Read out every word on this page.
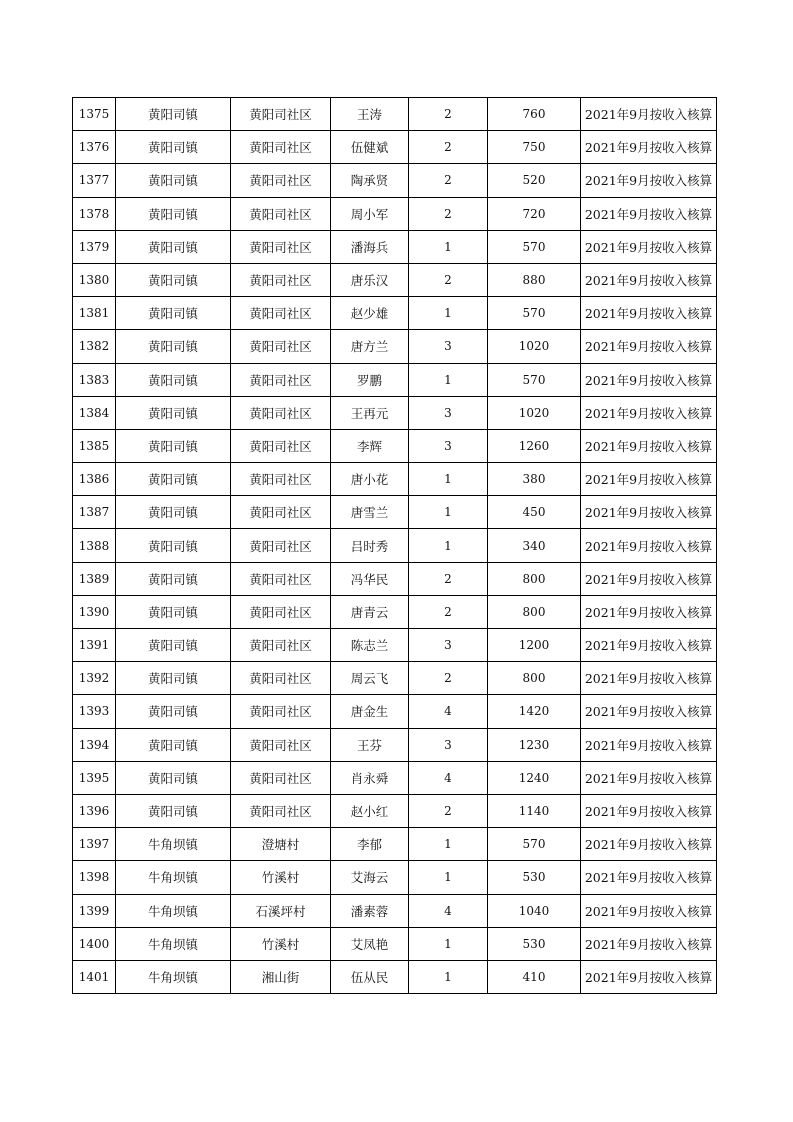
1375	黄阳司镇	黄阳司社区	王涛	2	760	2021年9月按收入核算
1376	黄阳司镇	黄阳司社区	伍健斌	2	750	2021年9月按收入核算
1377	黄阳司镇	黄阳司社区	陶承贤	2	520	2021年9月按收入核算
1378	黄阳司镇	黄阳司社区	周小军	2	720	2021年9月按收入核算
1379	黄阳司镇	黄阳司社区	潘海兵	1	570	2021年9月按收入核算
1380	黄阳司镇	黄阳司社区	唐乐汉	2	880	2021年9月按收入核算
1381	黄阳司镇	黄阳司社区	赵少雄	1	570	2021年9月按收入核算
1382	黄阳司镇	黄阳司社区	唐方兰	3	1020	2021年9月按收入核算
1383	黄阳司镇	黄阳司社区	罗鹏	1	570	2021年9月按收入核算
1384	黄阳司镇	黄阳司社区	王再元	3	1020	2021年9月按收入核算
1385	黄阳司镇	黄阳司社区	李辉	3	1260	2021年9月按收入核算
1386	黄阳司镇	黄阳司社区	唐小花	1	380	2021年9月按收入核算
1387	黄阳司镇	黄阳司社区	唐雪兰	1	450	2021年9月按收入核算
1388	黄阳司镇	黄阳司社区	吕时秀	1	340	2021年9月按收入核算
1389	黄阳司镇	黄阳司社区	冯华民	2	800	2021年9月按收入核算
1390	黄阳司镇	黄阳司社区	唐青云	2	800	2021年9月按收入核算
1391	黄阳司镇	黄阳司社区	陈志兰	3	1200	2021年9月按收入核算
1392	黄阳司镇	黄阳司社区	周云飞	2	800	2021年9月按收入核算
1393	黄阳司镇	黄阳司社区	唐金生	4	1420	2021年9月按收入核算
1394	黄阳司镇	黄阳司社区	王芬	3	1230	2021年9月按收入核算
1395	黄阳司镇	黄阳司社区	肖永舜	4	1240	2021年9月按收入核算
1396	黄阳司镇	黄阳司社区	赵小红	2	1140	2021年9月按收入核算
1397	牛角坝镇	澄塘村	李郁	1	570	2021年9月按收入核算
1398	牛角坝镇	竹溪村	艾海云	1	530	2021年9月按收入核算
1399	牛角坝镇	石溪坪村	潘素蓉	4	1040	2021年9月按收入核算
1400	牛角坝镇	竹溪村	艾凤艳	1	530	2021年9月按收入核算
1401	牛角坝镇	湘山街	伍从民	1	410	2021年9月按收入核算
